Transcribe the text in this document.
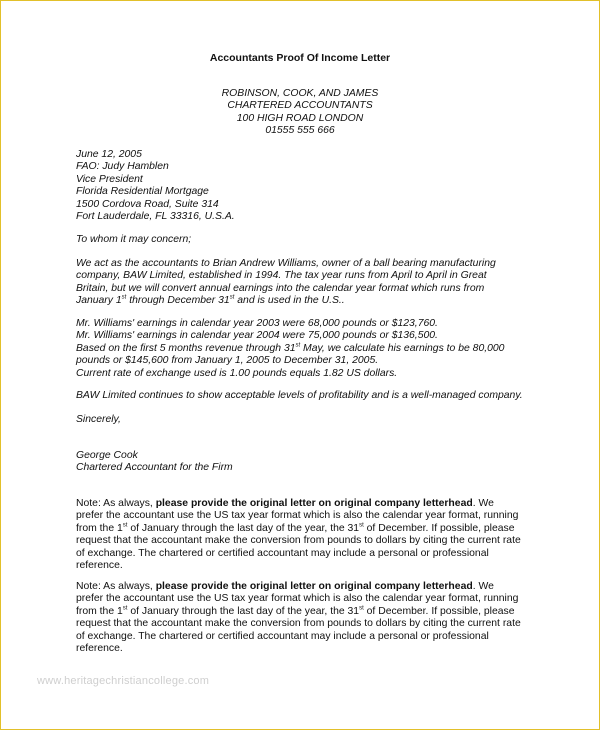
Accountants Proof Of Income Letter
ROBINSON, COOK, AND JAMES
CHARTERED ACCOUNTANTS
100 HIGH ROAD LONDON
01555 555 666
June 12, 2005
FAO: Judy Hamblen
Vice President
Florida Residential Mortgage
1500 Cordova Road, Suite 314
Fort Lauderdale, FL 33316, U.S.A.
To whom it may concern;
We act as the accountants to Brian Andrew Williams, owner of a ball bearing manufacturing
company, BAW Limited, established in 1994. The tax year runs from April to April in Great
Britain, but we will convert annual earnings into the calendar year format which runs from
January 1st through December 31st and is used in the U.S..
Mr. Williams' earnings in calendar year 2003 were 68,000 pounds or $123,760.
Mr. Williams' earnings in calendar year 2004 were 75,000 pounds or $136,500.
Based on the first 5 months revenue through 31st May, we calculate his earnings to be 80,000
pounds or $145,600 from January 1, 2005 to December 31, 2005.
Current rate of exchange used is 1.00 pounds equals 1.82 US dollars.
BAW Limited continues to show acceptable levels of profitability and is a well-managed company.
Sincerely,
George Cook
Chartered Accountant for the Firm
Note: As always, please provide the original letter on original company letterhead. We
prefer the accountant use the US tax year format which is also the calendar year format, running
from the 1st of January through the last day of the year, the 31st of December. If possible, please
request that the accountant make the conversion from pounds to dollars by citing the current rate
of exchange. The chartered or certified accountant may include a personal or professional
reference.
Note: As always, please provide the original letter on original company letterhead. We
prefer the accountant use the US tax year format which is also the calendar year format, running
from the 1st of January through the last day of the year, the 31st of December. If possible, please
request that the accountant make the conversion from pounds to dollars by citing the current rate
of exchange. The chartered or certified accountant may include a personal or professional
reference.
www.heritagechristiancollege.com
